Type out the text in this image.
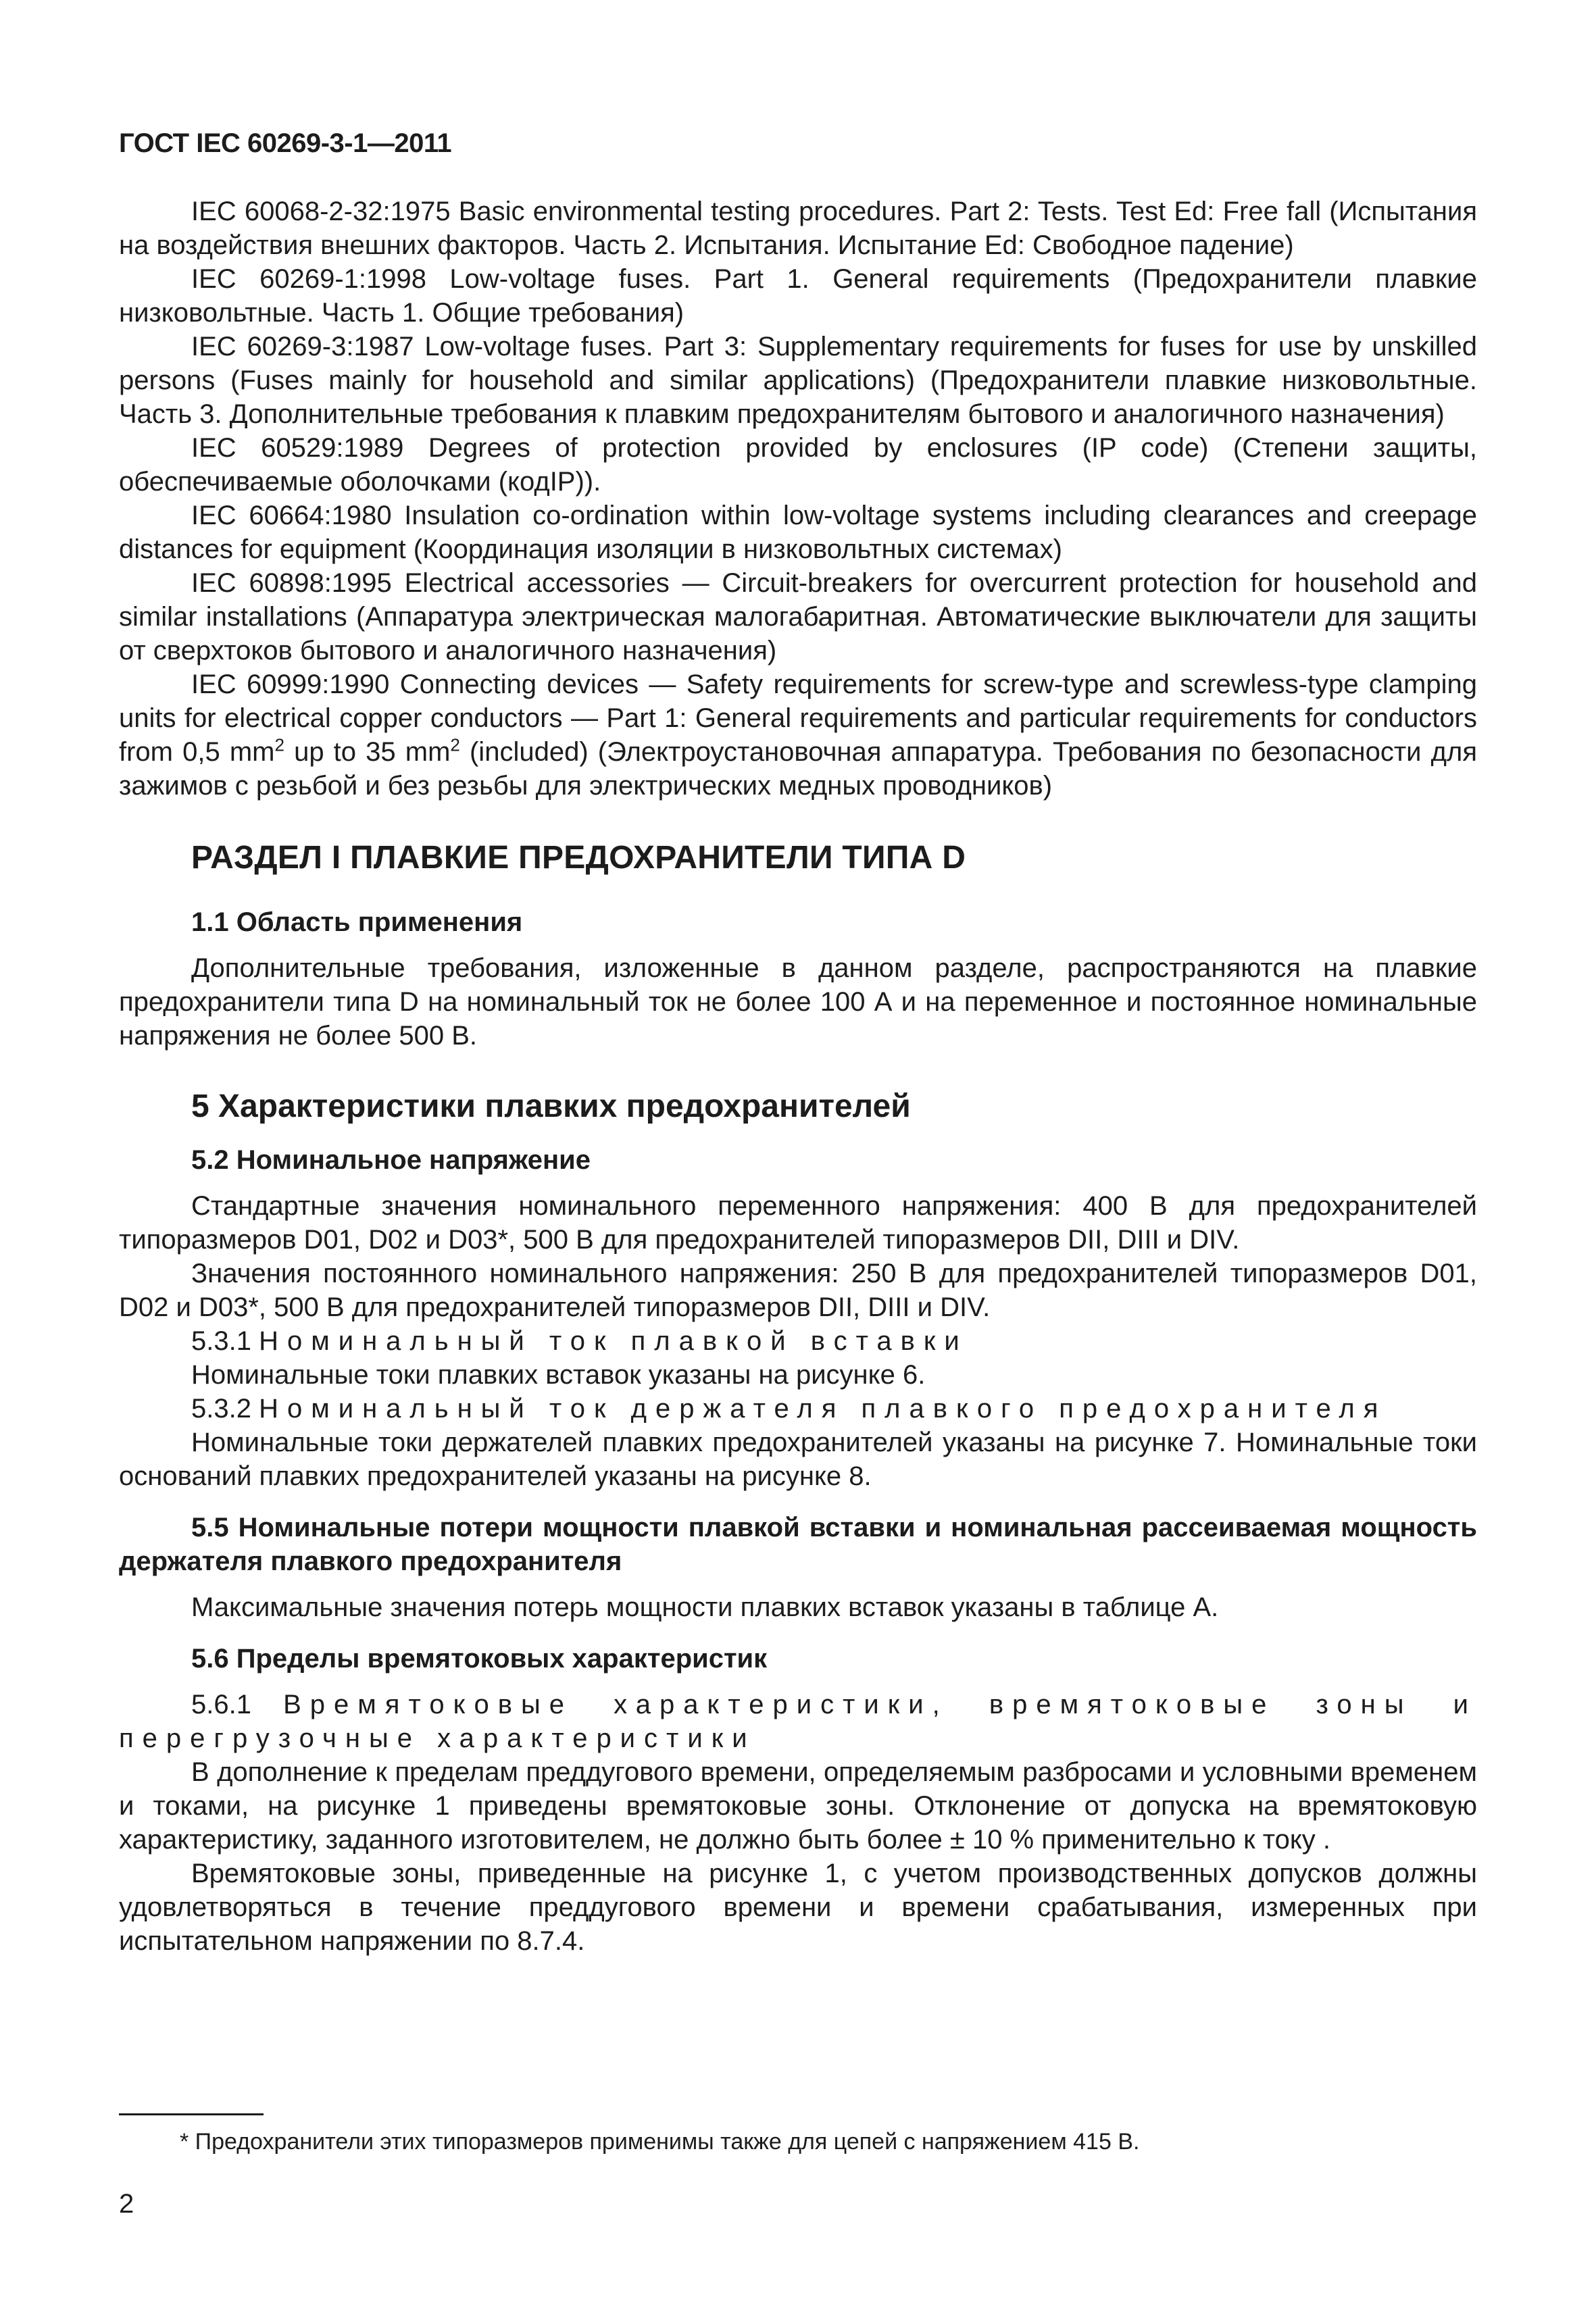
ГОСТ IEC 60269-3-1—2011

IEC 60068-2-32:1975 Basic environmental testing procedures. Part 2: Tests. Test Ed: Free fall (Испытания на воздействия внешних факторов. Часть 2. Испытания. Испытание Ed: Свободное падение)

IEC 60269-1:1998 Low-voltage fuses. Part 1. General requirements (Предохранители плавкие низковольтные. Часть 1. Общие требования)

IEC 60269-3:1987 Low-voltage fuses. Part 3: Supplementary requirements for fuses for use by unskilled persons (Fuses mainly for household and similar applications) (Предохранители плавкие низковольтные. Часть 3. Дополнительные требования к плавким предохранителям бытового и аналогичного назначения)

IEC 60529:1989 Degrees of protection provided by enclosures (IP code) (Степени защиты, обеспечиваемые оболочками (кодIP)).

IEC 60664:1980 Insulation co-ordination within low-voltage systems including clearances and creepage distances for equipment (Координация изоляции в низковольтных системах)

IEC 60898:1995 Electrical accessories — Circuit-breakers for overcurrent protection for household and similar installations (Аппаратура электрическая малогабаритная. Автоматические выключатели для защиты от сверхтоков бытового и аналогичного назначения)

IEC 60999:1990 Connecting devices — Safety requirements for screw-type and screwless-type clamping units for electrical copper conductors — Part 1: General requirements and particular requirements for conductors from 0,5 $mm^2$ up to 35 $mm^2$ (included) (Электроустановочная аппаратура. Требования по безопасности для зажимов с резьбой и без резьбы для электрических медных проводников)

РАЗДЕЛ I ПЛАВКИЕ ПРЕДОХРАНИТЕЛИ ТИПА D
1.1 Область применения

Дополнительные требования, изложенные в данном разделе, распространяются на плавкие предохранители типа D на номинальный ток не более 100 А и на переменное и постоянное номинальные напряжения не более 500 В.

5 Характеристики плавких предохранителей
5.2 Номинальное напряжение

Стандартные значения номинального переменного напряжения: 400 В для предохранителей типоразмеров D01, D02 и D03*, 500 В для предохранителей типоразмеров DII, DIII и DIV.

Значения постоянного номинального напряжения: 250 В для предохранителей типоразмеров D01, D02 и D03*, 500 В для предохранителей типоразмеров DII, DIII и DIV.

5.3.1 Номинальный ток плавкой вставки

Номинальные токи плавких вставок указаны на рисунке 6.

5.3.2 Номинальный ток держателя плавкого предохранителя

Номинальные токи держателей плавких предохранителей указаны на рисунке 7. Номинальные токи оснований плавких предохранителей указаны на рисунке 8.

5.5 Номинальные потери мощности плавкой вставки и номинальная рассеиваемая мощность держателя плавкого предохранителя

Максимальные значения потерь мощности плавких вставок указаны в таблице А.

5.6 Пределы времятоковых характеристик

5.6.1 Времятоковые характеристики, времятоковые зоны и перегрузочные характеристики

В дополнение к пределам преддугового времени, определяемым разбросами и условными временем и токами, на рисунке 1 приведены времятоковые зоны. Отклонение от допуска на времятоковую характеристику, заданного изготовителем, не должно быть более ± 10 % применительно к току .

Времятоковые зоны, приведенные на рисунке 1, с учетом производственных допусков должны удовлетворяться в течение преддугового времени и времени срабатывания, измеренных при испытательном напряжении по 8.7.4.

* Предохранители этих типоразмеров применимы также для цепей с напряжением 415 В.
2
